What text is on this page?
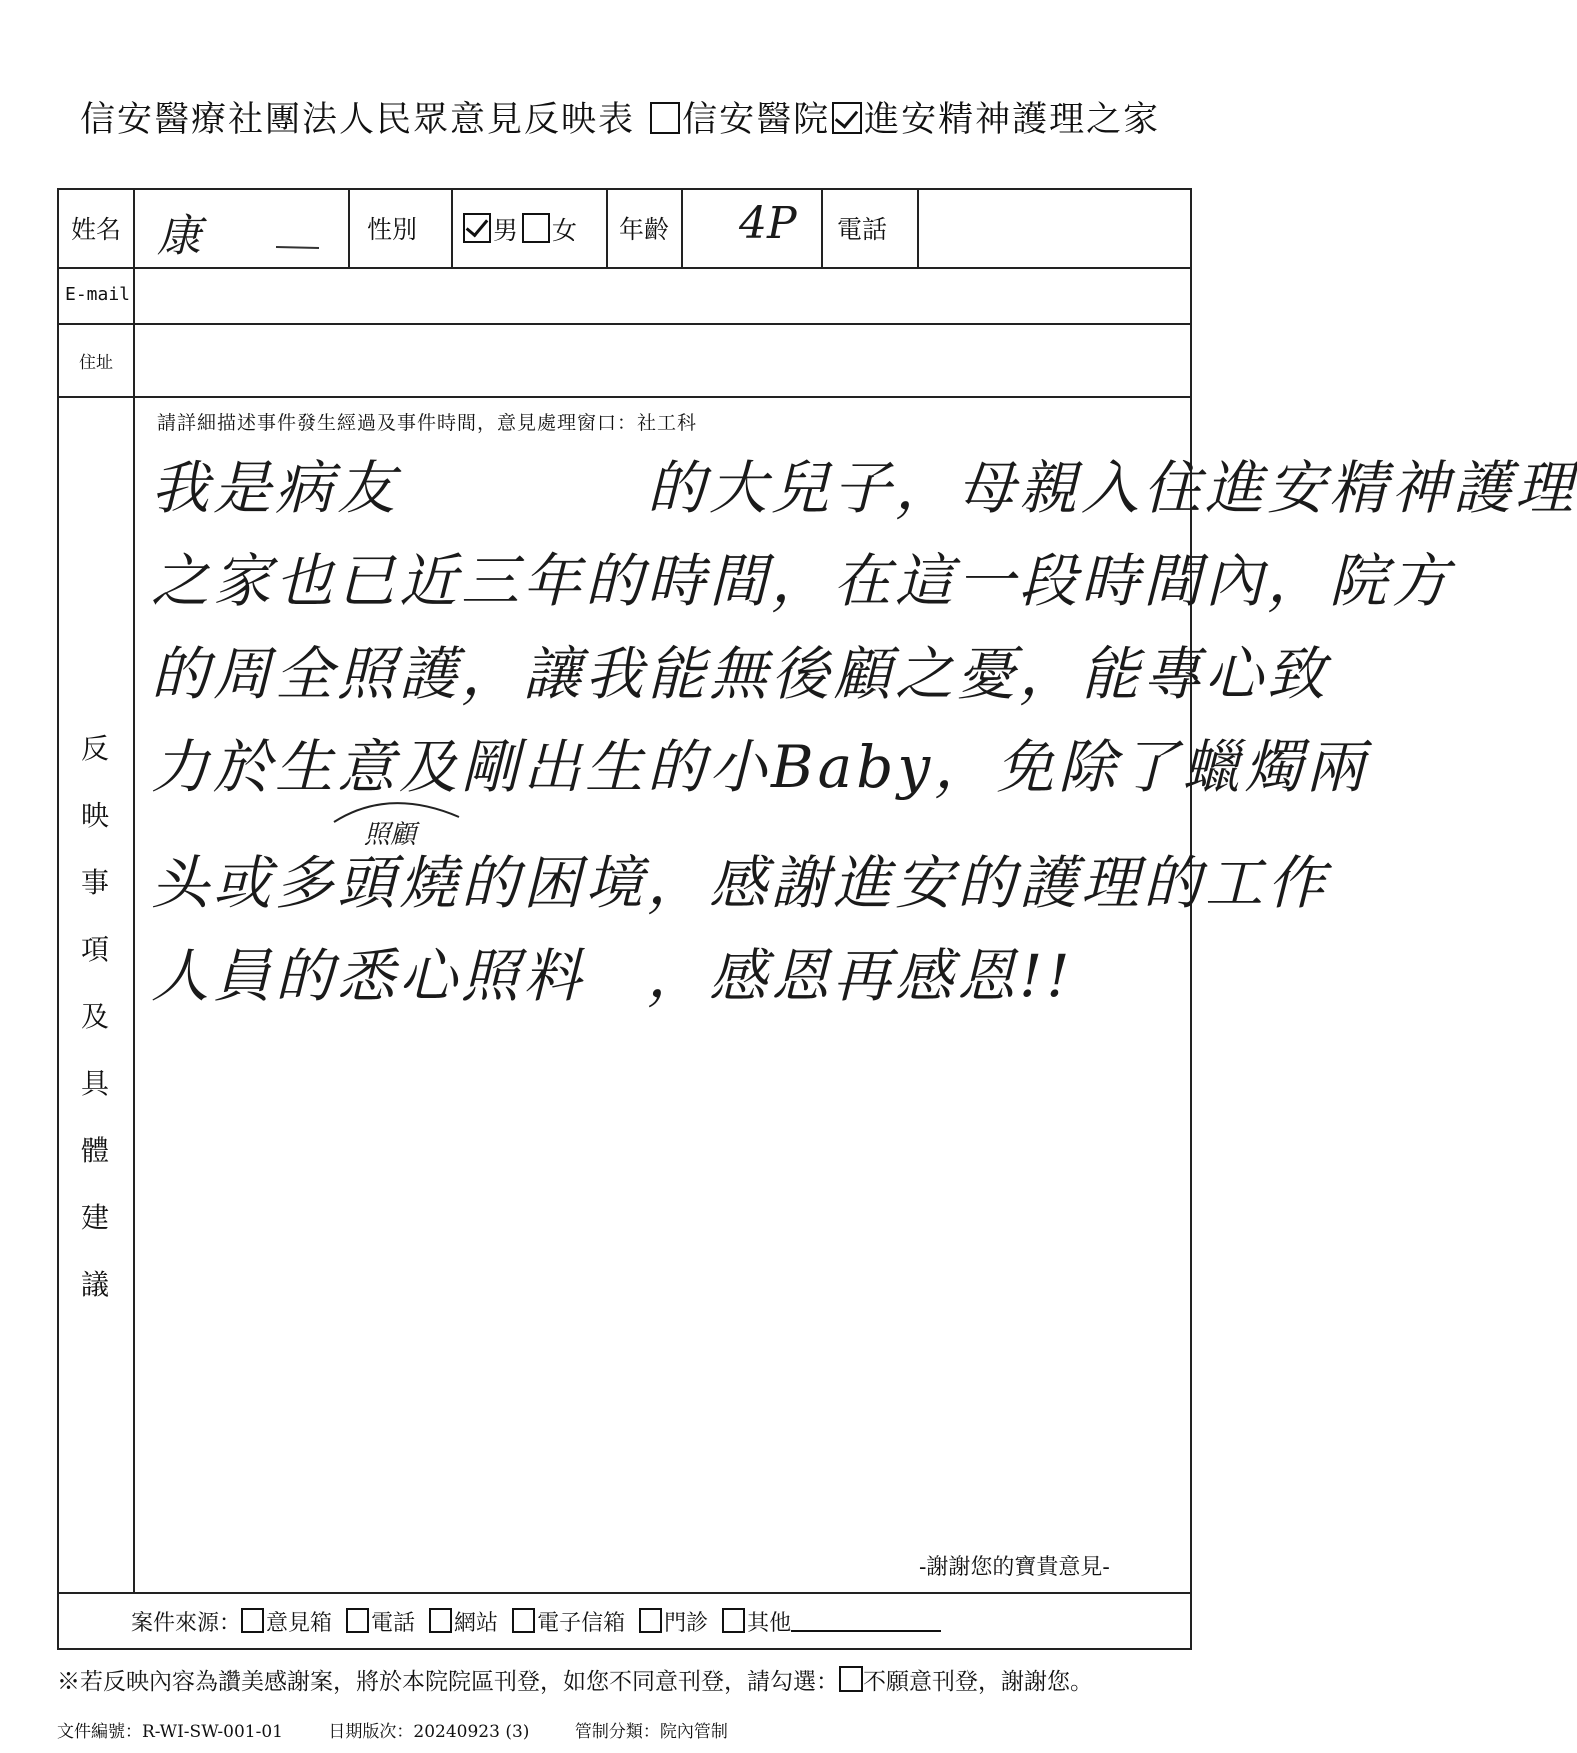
信安醫療社團法人民眾意見反映表 信安醫院 進安精神護理之家
姓名 康	性別	男 女 年齡 4P 電話
E-mail
住址
反
映
事
項
及
具
體
建
議
請詳細描述事件發生經過及事件時間，意見處理窗口：社工科
我是病友　　　　的大兒子，母親入住進安精神護理
之家也已近三年的時間，在這一段時間內，院方
的周全照護，讓我能無後顧之憂，能專心致
力於生意及剛出生的小Baby，免除了蠟燭兩
照顧
头或多頭燒的困境，感謝進安的護理的工作
人員的悉心照料　，感恩再感恩!!
-謝謝您的寶貴意見-
案件來源： 意見箱 電話 網站 電子信箱 門診 其他
※若反映內容為讚美感謝案，將於本院院區刊登，如您不同意刊登，請勾選： 不願意刊登，謝謝您。
文件編號：R-WI-SW-001-01	日期版次：20240923 (3)	管制分類：院內管制
